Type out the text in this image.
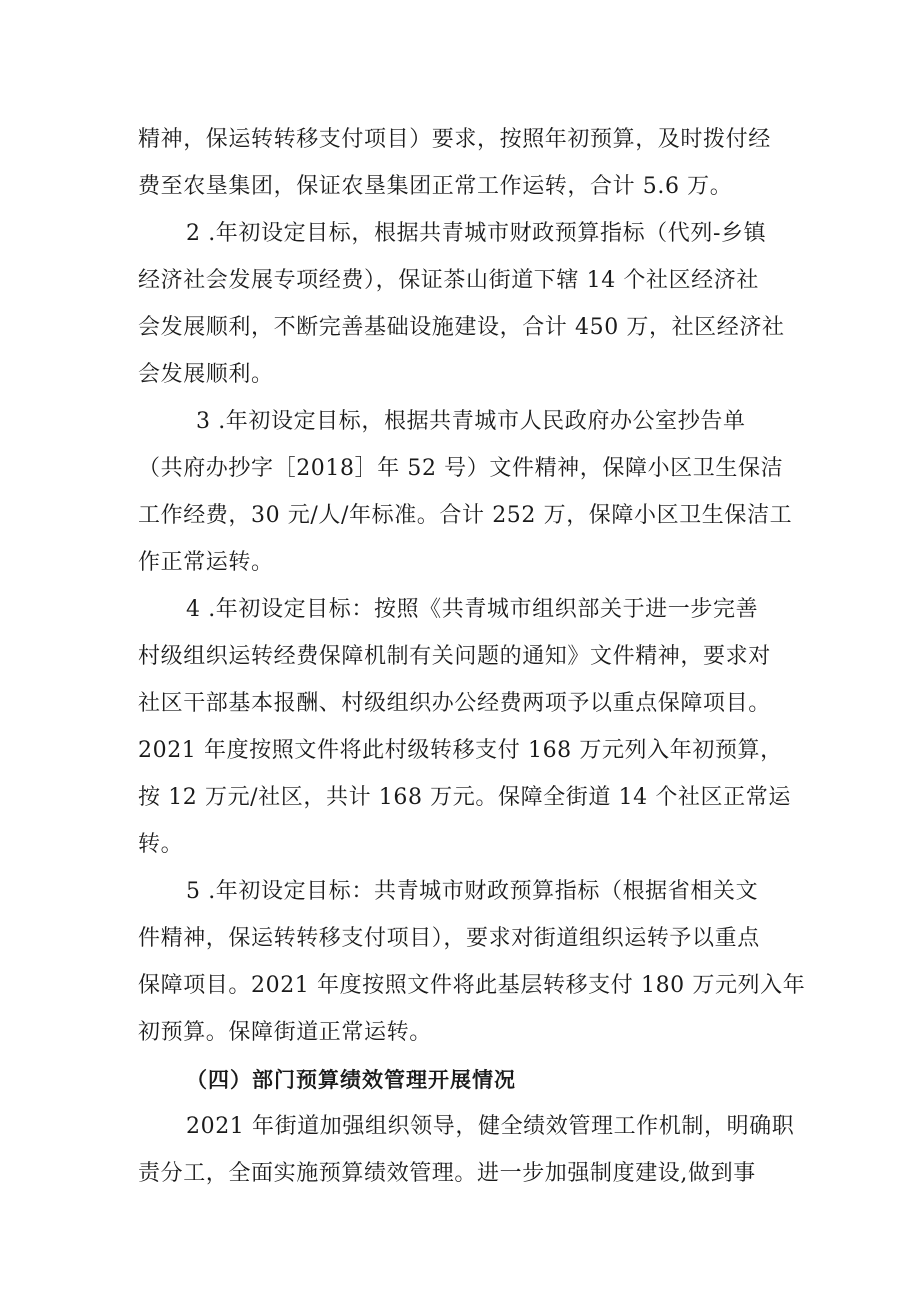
精神，保运转转移支付项目）要求，按照年初预算，及时拨付经
费至农垦集团，保证农垦集团正常工作运转，合计 5.6 万。
2 .年初设定目标，根据共青城市财政预算指标（代列-乡镇
经济社会发展专项经费），保证茶山街道下辖 14 个社区经济社
会发展顺利，不断完善基础设施建设，合计 450 万，社区经济社
会发展顺利。
3 .年初设定目标，根据共青城市人民政府办公室抄告单
（共府办抄字［2018］年 52 号）文件精神，保障小区卫生保洁
工作经费，30 元/人/年标准。合计 252 万，保障小区卫生保洁工
作正常运转。
4 .年初设定目标：按照《共青城市组织部关于进一步完善
村级组织运转经费保障机制有关问题的通知》文件精神，要求对
社区干部基本报酬、村级组织办公经费两项予以重点保障项目。
2021 年度按照文件将此村级转移支付 168 万元列入年初预算，
按 12 万元/社区，共计 168 万元。保障全街道 14 个社区正常运
转。
5 .年初设定目标：共青城市财政预算指标（根据省相关文
件精神，保运转转移支付项目），要求对街道组织运转予以重点
保障项目。2021 年度按照文件将此基层转移支付 180 万元列入年
初预算。保障街道正常运转。
（四）部门预算绩效管理开展情况
2021 年街道加强组织领导，健全绩效管理工作机制，明确职
责分工，全面实施预算绩效管理。进一步加强制度建设,做到事
